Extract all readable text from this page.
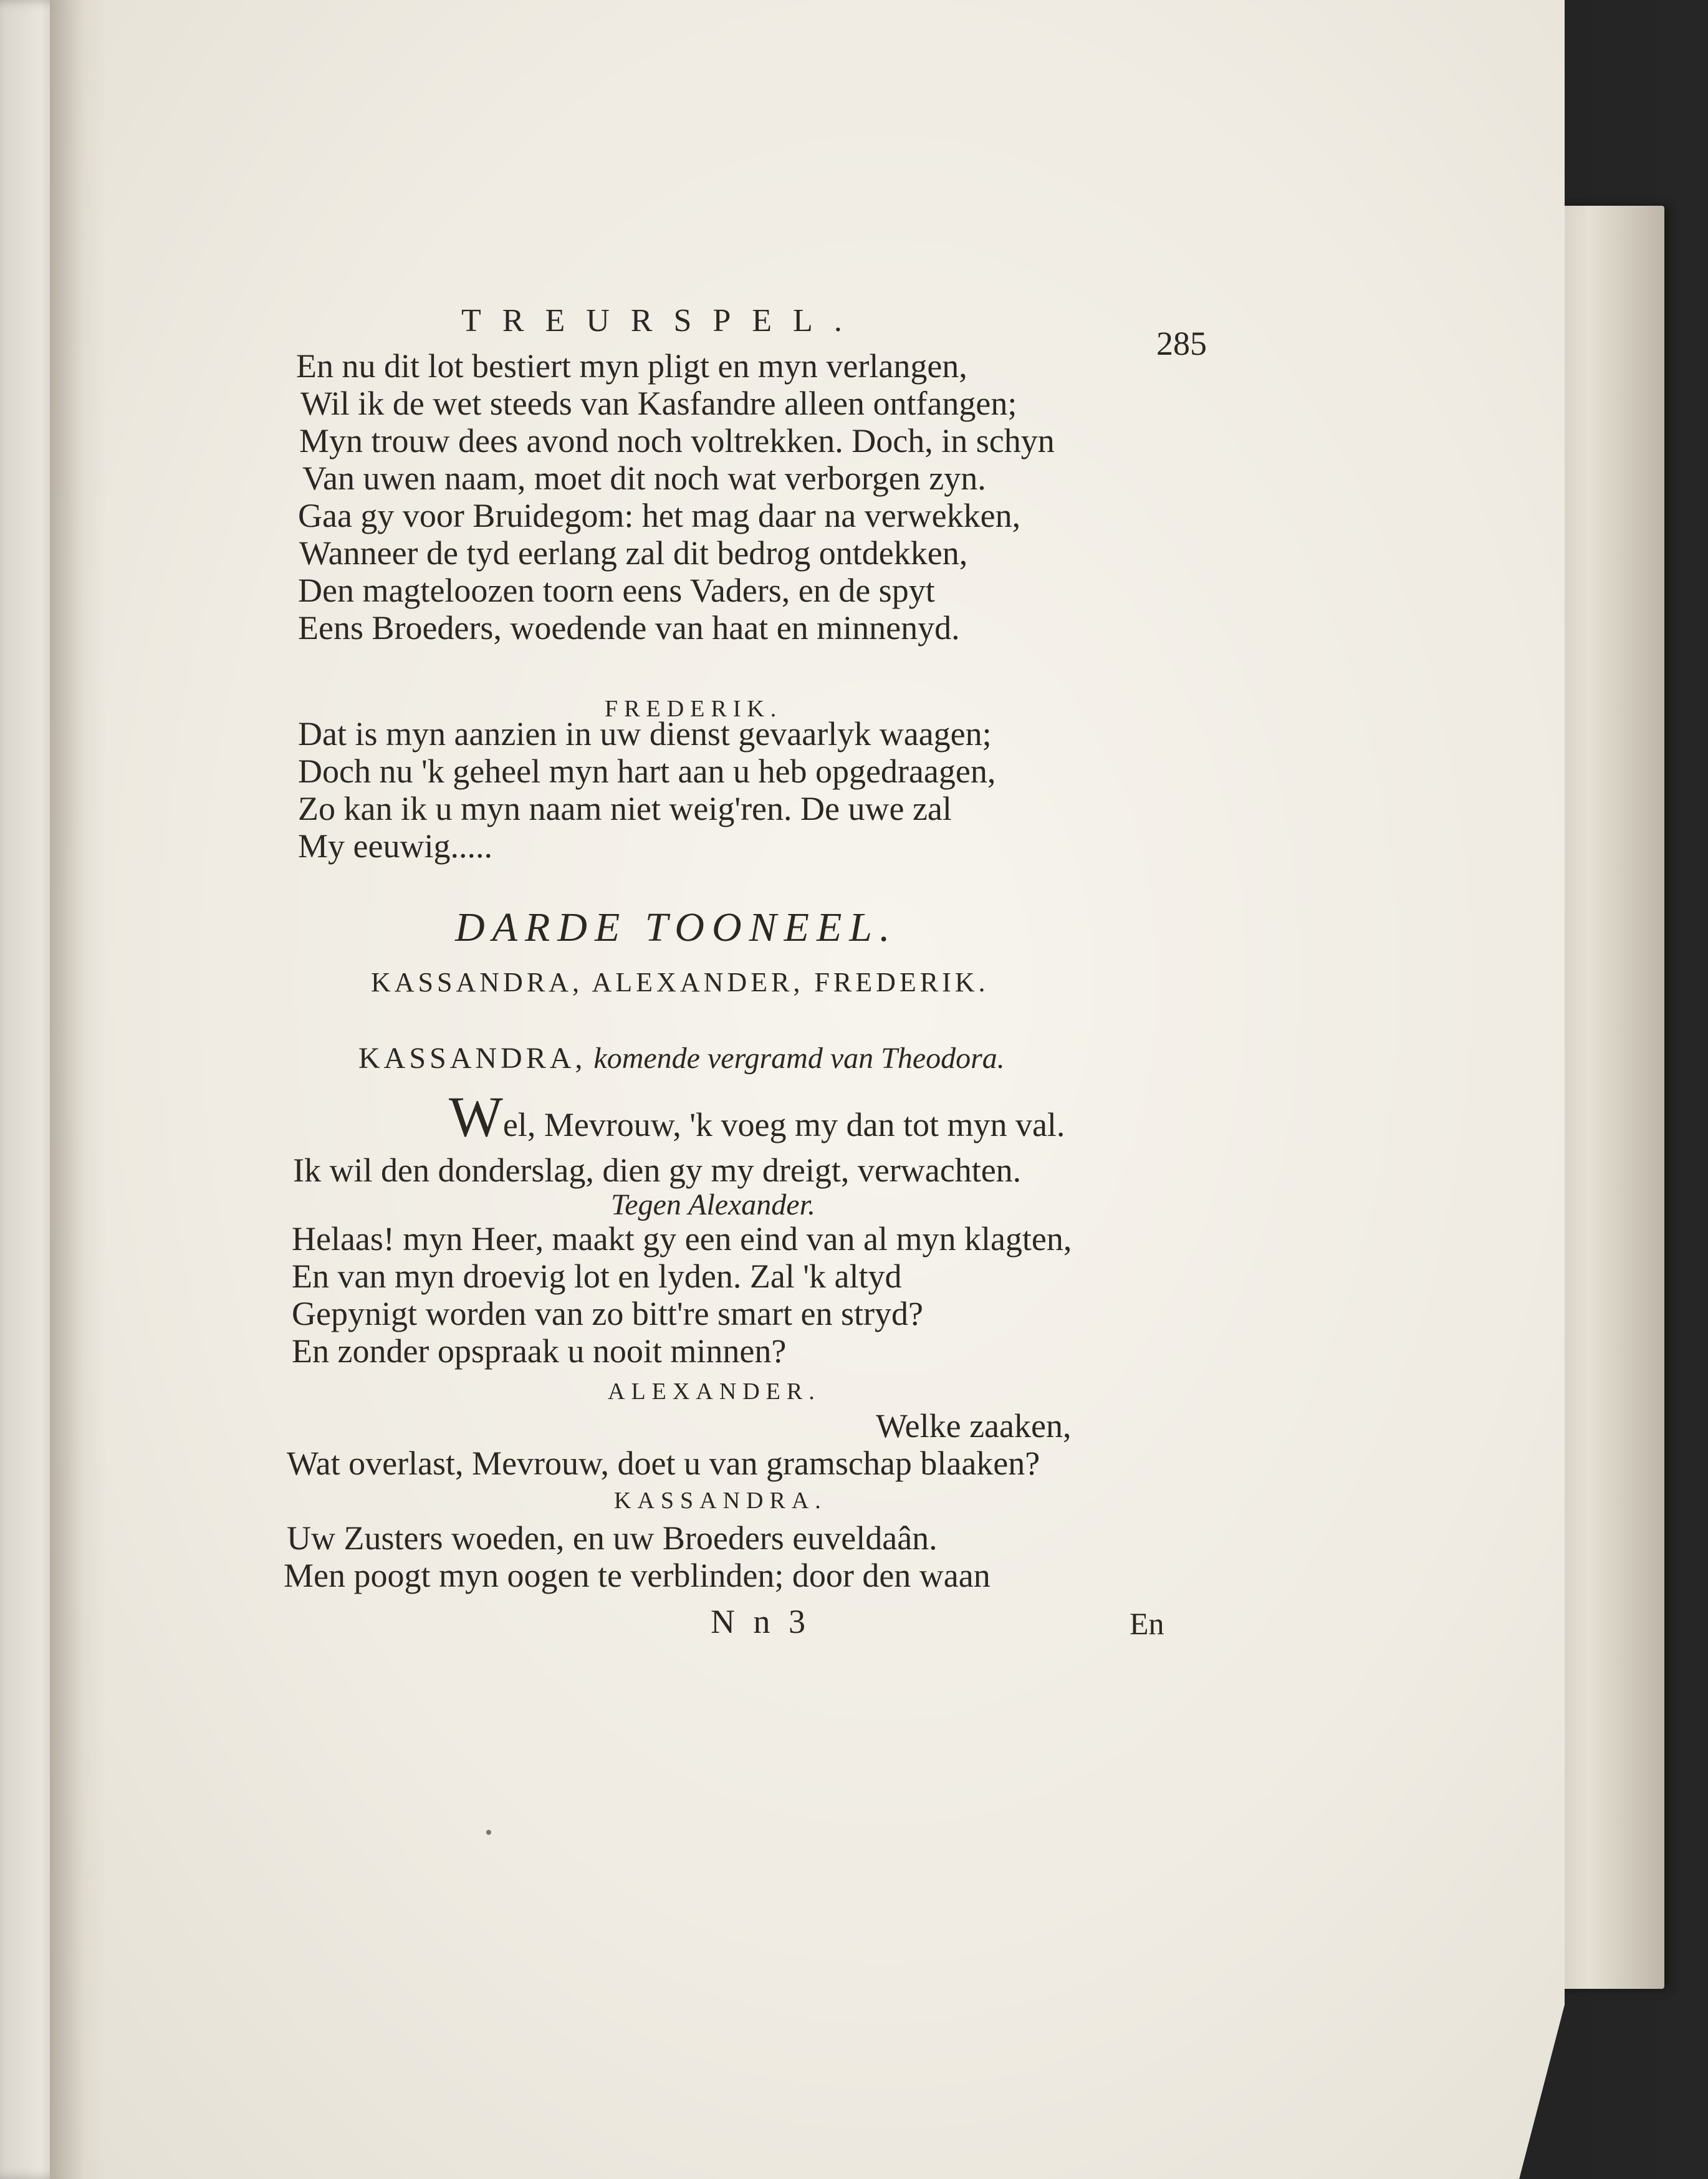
TREURSPEL.
285
En nu dit lot bestiert myn pligt en myn verlangen,
Wil ik de wet steeds van Kasfandre alleen ontfangen;
Myn trouw dees avond noch voltrekken. Doch, in schyn
Van uwen naam, moet dit noch wat verborgen zyn.
Gaa gy voor Bruidegom: het mag daar na verwekken,
Wanneer de tyd eerlang zal dit bedrog ontdekken,
Den magteloozen toorn eens Vaders, en de spyt
Eens Broeders, woedende van haat en minnenyd.
FREDERIK.
Dat is myn aanzien in uw dienst gevaarlyk waagen;
Doch nu 'k geheel myn hart aan u heb opgedraagen,
Zo kan ik u myn naam niet weig'ren. De uwe zal
My eeuwig.....
DARDE TOONEEL.
KASSANDRA, ALEXANDER, FREDERIK.
KASSANDRA, komende vergramd van Theodora.
Wel, Mevrouw, 'k voeg my dan tot myn val.
Ik wil den donderslag, dien gy my dreigt, verwachten.
Tegen Alexander.
Helaas! myn Heer, maakt gy een eind van al myn klagten,
En van myn droevig lot en lyden. Zal 'k altyd
Gepynigt worden van zo bitt're smart en stryd?
En zonder opspraak u nooit minnen?
ALEXANDER.
Welke zaaken,
Wat overlast, Mevrouw, doet u van gramschap blaaken?
KASSANDRA.
Uw Zusters woeden, en uw Broeders euveldaân.
Men poogt myn oogen te verblinden; door den waan
N n 3	En
